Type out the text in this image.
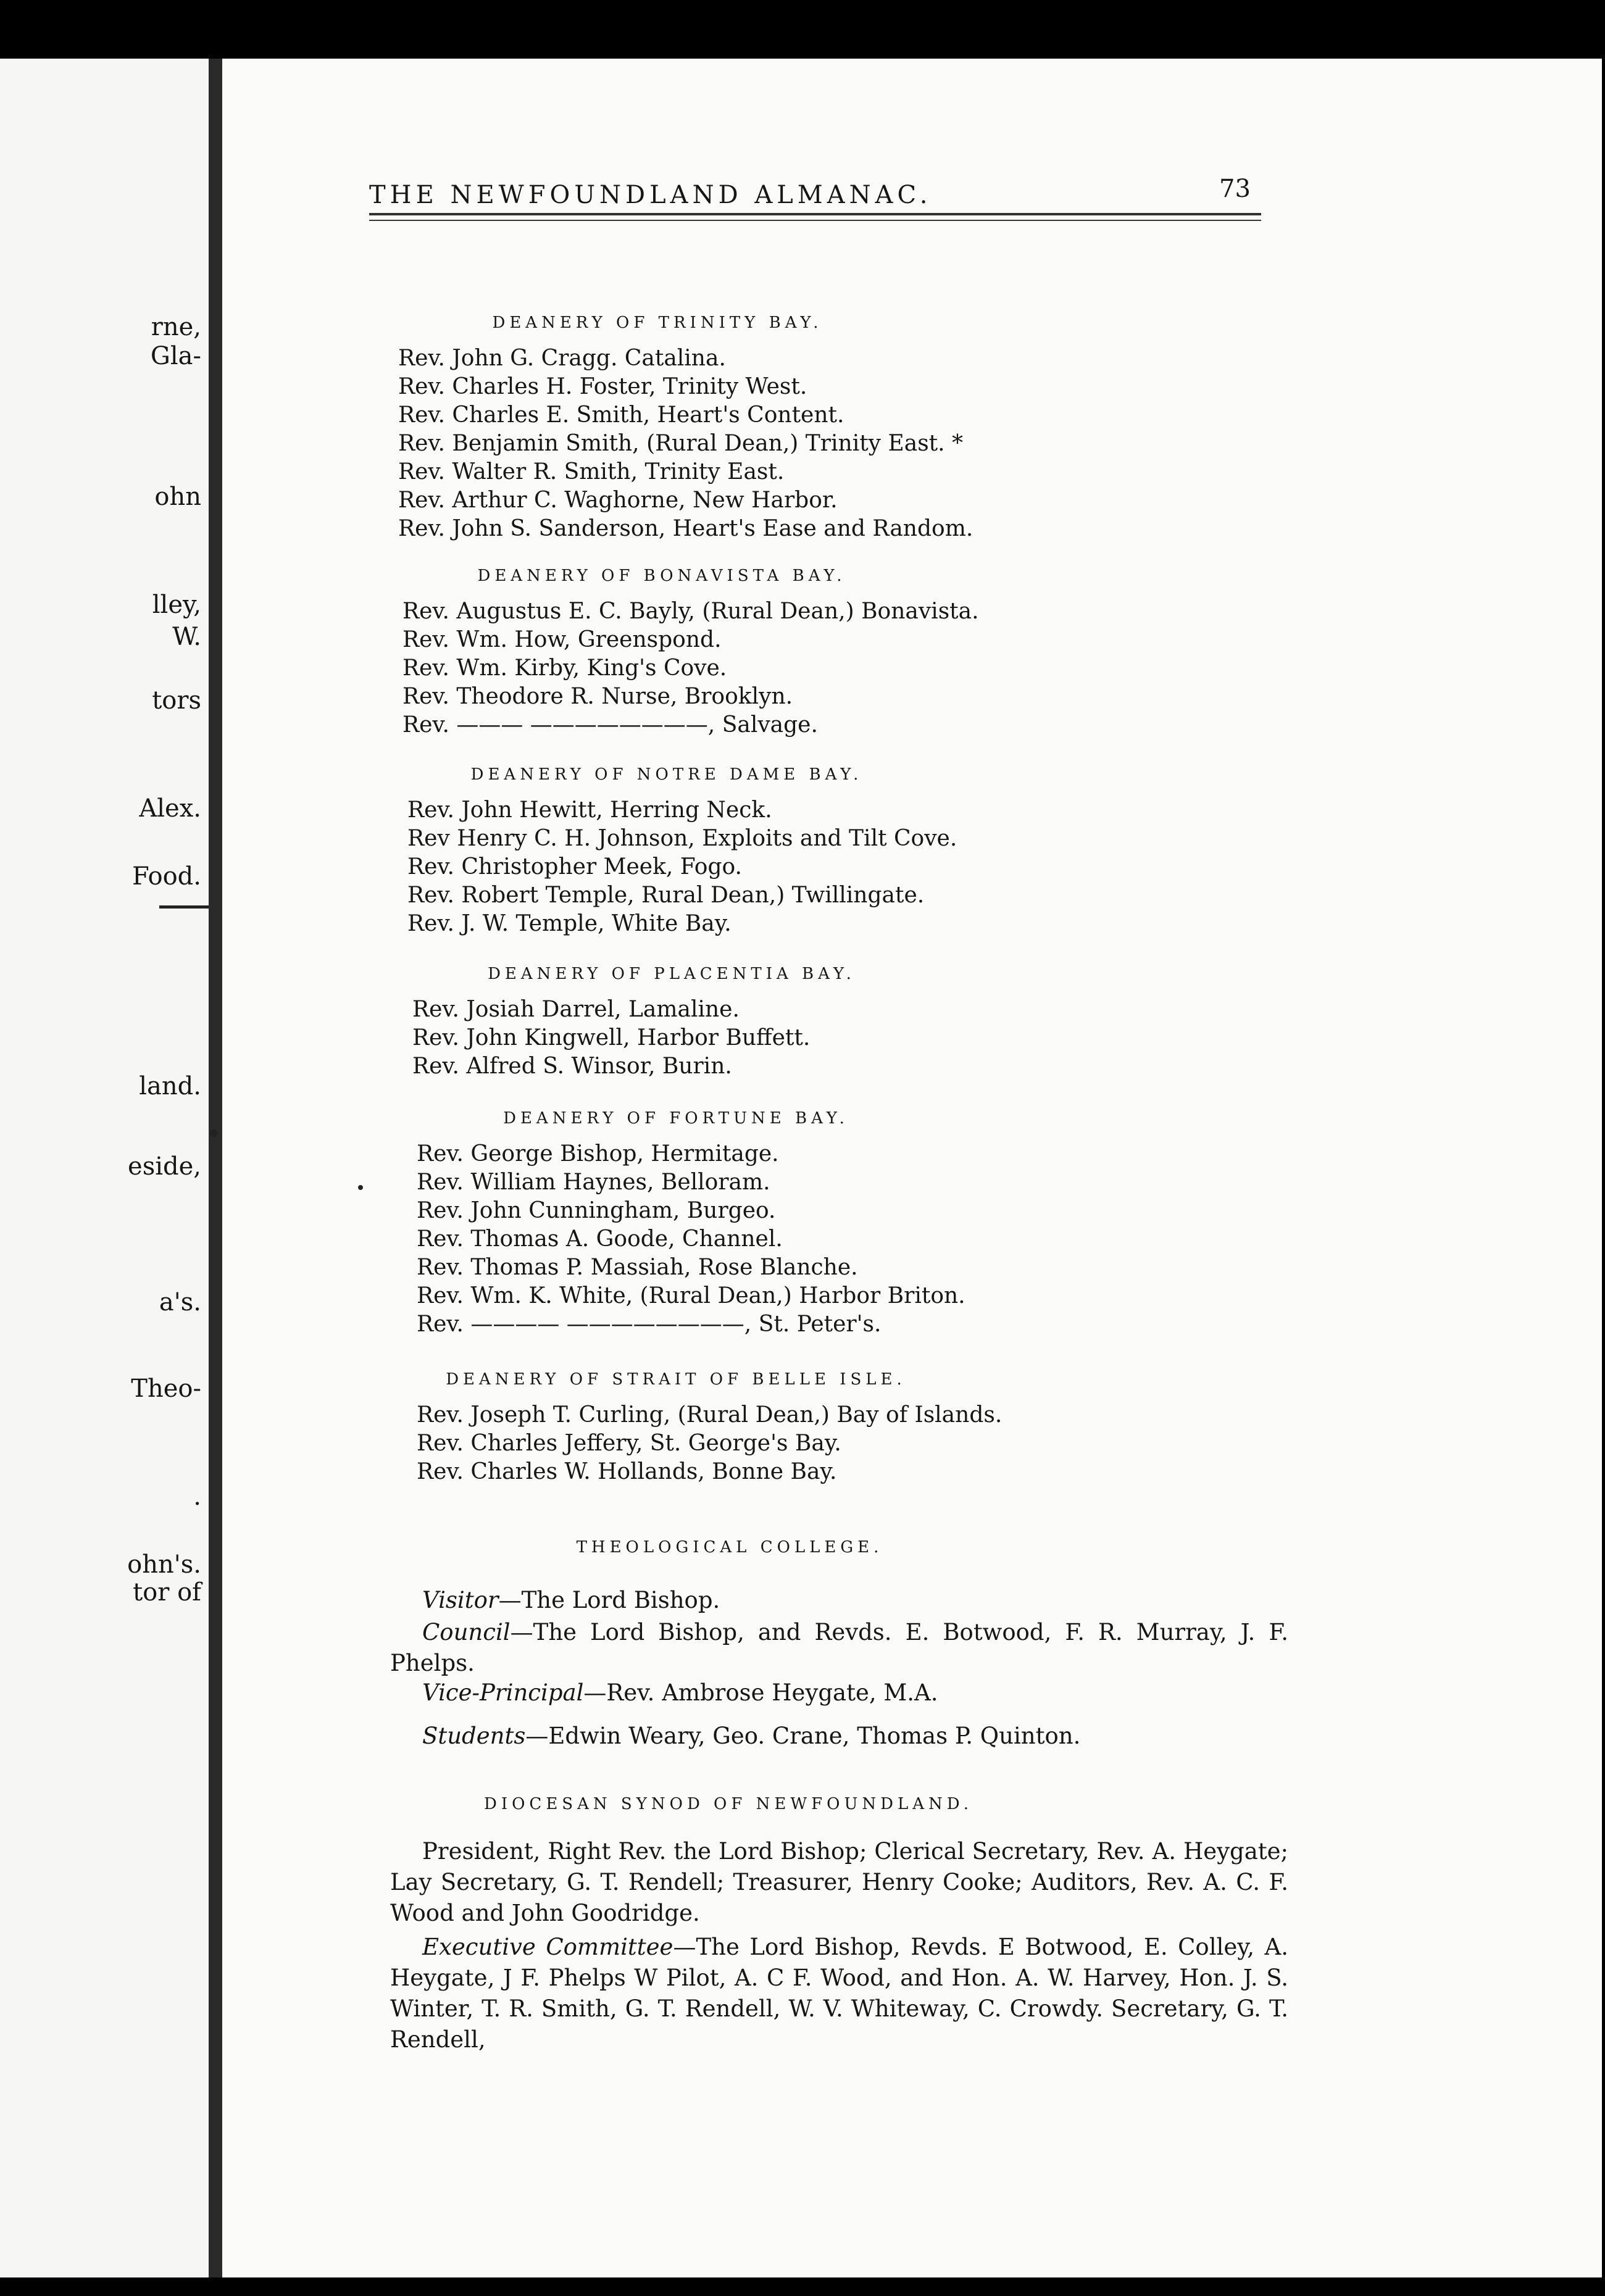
rne,
Gla-
ohn
lley,
W.
tors
Alex.
Food.
land.
eside,
a's.
Theo-
.
ohn's.
tor of
THE NEWFOUNDLAND ALMANAC.	73
DEANERY OF TRINITY BAY.
Rev. John G. Cragg. Catalina.
Rev. Charles H. Foster, Trinity West.
Rev. Charles E. Smith, Heart's Content.
Rev. Benjamin Smith, (Rural Dean,) Trinity East. *
Rev. Walter R. Smith, Trinity East.
Rev. Arthur C. Waghorne, New Harbor.
Rev. John S. Sanderson, Heart's Ease and Random.
DEANERY OF BONAVISTA BAY.
Rev. Augustus E. C. Bayly, (Rural Dean,) Bonavista.
Rev. Wm. How, Greenspond.
Rev. Wm. Kirby, King's Cove.
Rev. Theodore R. Nurse, Brooklyn.
Rev. ——— ————————, Salvage.
DEANERY OF NOTRE DAME BAY.
Rev. John Hewitt, Herring Neck.
Rev Henry C. H. Johnson, Exploits and Tilt Cove.
Rev. Christopher Meek, Fogo.
Rev. Robert Temple, Rural Dean,) Twillingate.
Rev. J. W. Temple, White Bay.
DEANERY OF PLACENTIA BAY.
Rev. Josiah Darrel, Lamaline.
Rev. John Kingwell, Harbor Buffett.
Rev. Alfred S. Winsor, Burin.
DEANERY OF FORTUNE BAY.
Rev. George Bishop, Hermitage.
Rev. William Haynes, Belloram.
Rev. John Cunningham, Burgeo.
Rev. Thomas A. Goode, Channel.
Rev. Thomas P. Massiah, Rose Blanche.
Rev. Wm. K. White, (Rural Dean,) Harbor Briton.
Rev. ———— ————————, St. Peter's.
DEANERY OF STRAIT OF BELLE ISLE.
Rev. Joseph T. Curling, (Rural Dean,) Bay of Islands.
Rev. Charles Jeffery, St. George's Bay.
Rev. Charles W. Hollands, Bonne Bay.
THEOLOGICAL COLLEGE.
Visitor—The Lord Bishop.
Council—The Lord Bishop, and Revds. E. Botwood, F. R. Murray, J. F. Phelps.
Vice-Principal—Rev. Ambrose Heygate, M.A.
Students—Edwin Weary, Geo. Crane, Thomas P. Quinton.
DIOCESAN SYNOD OF NEWFOUNDLAND.
President, Right Rev. the Lord Bishop; Clerical Secretary, Rev. A. Heygate; Lay Secretary, G. T. Rendell; Treasurer, Henry Cooke; Auditors, Rev. A. C. F. Wood and John Goodridge.
Executive Committee—The Lord Bishop, Revds. E Botwood, E. Colley, A. Heygate, J F. Phelps W Pilot, A. C F. Wood, and Hon. A. W. Harvey, Hon. J. S. Winter, T. R. Smith, G. T. Rendell, W. V. Whiteway, C. Crowdy. Secretary, G. T. Rendell,
